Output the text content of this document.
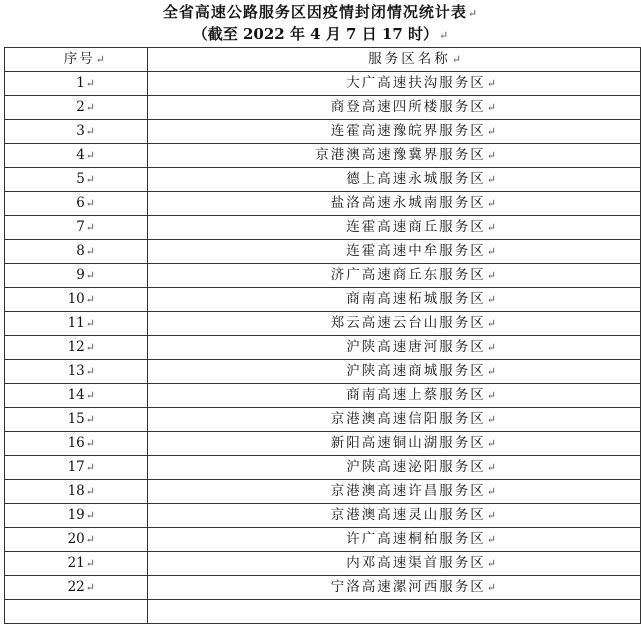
全省高速公路服务区因疫情封闭情况统计表↵
（截至 2022 年 4 月 7 日 17 时）↵
序号↵	服务区名称↵
1↵	大广高速扶沟服务区↵
2↵	商登高速四所楼服务区↵
3↵	连霍高速豫皖界服务区↵
4↵	京港澳高速豫冀界服务区↵
5↵	德上高速永城服务区↵
6↵	盐洛高速永城南服务区↵
7↵	连霍高速商丘服务区↵
8↵	连霍高速中牟服务区↵
9↵	济广高速商丘东服务区↵
10↵	商南高速柘城服务区↵
11↵	郑云高速云台山服务区↵
12↵	沪陕高速唐河服务区↵
13↵	沪陕高速商城服务区↵
14↵	商南高速上蔡服务区↵
15↵	京港澳高速信阳服务区↵
16↵	新阳高速铜山湖服务区↵
17↵	沪陕高速泌阳服务区↵
18↵	京港澳高速许昌服务区↵
19↵	京港澳高速灵山服务区↵
20↵	许广高速桐柏服务区↵
21↵	内邓高速渠首服务区↵
22↵	宁洛高速漯河西服务区↵
